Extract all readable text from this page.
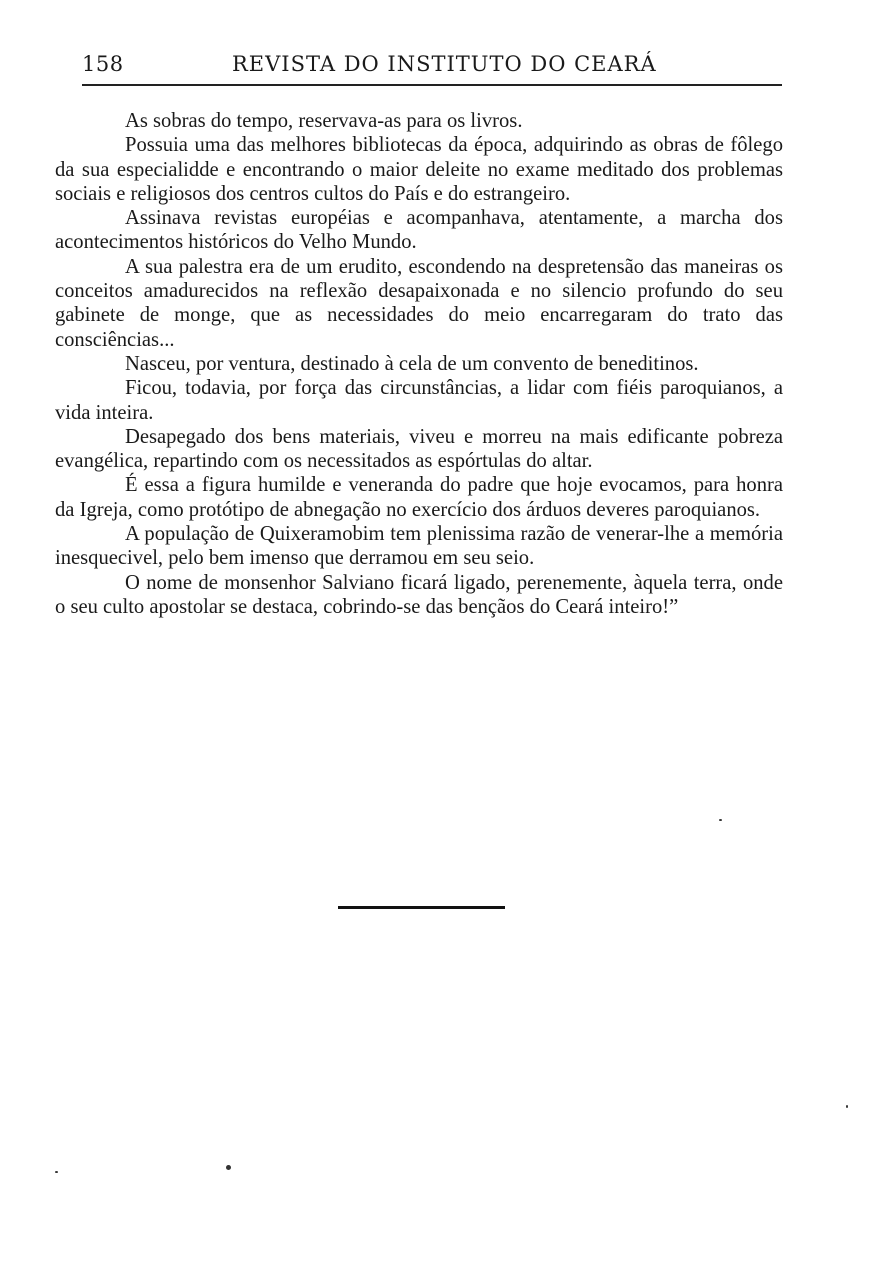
158	REVISTA DO INSTITUTO DO CEARÁ

As sobras do tempo, reservava-as para os livros.

Possuia uma das melhores bibliotecas da época, adquirindo as obras de fôlego da sua especialidde e encontrando o maior deleite no exame meditado dos problemas sociais e religiosos dos centros cultos do País e do estrangeiro.

Assinava revistas européias e acompanhava, atentamente, a marcha dos acontecimentos históricos do Velho Mundo.

A sua palestra era de um erudito, escondendo na despretensão das maneiras os conceitos amadurecidos na reflexão desapaixonada e no silencio profundo do seu gabinete de monge, que as necessidades do meio encarregaram do trato das consciências...

Nasceu, por ventura, destinado à cela de um convento de beneditinos.

Ficou, todavia, por força das circunstâncias, a lidar com fiéis paroquianos, a vida inteira.

Desapegado dos bens materiais, viveu e morreu na mais edificante pobreza evangélica, repartindo com os necessitados as espórtulas do altar.

É essa a figura humilde e veneranda do padre que hoje evocamos, para honra da Igreja, como protótipo de abnegação no exercício dos árduos deveres paroquianos.

A população de Quixeramobim tem plenissima razão de venerar-lhe a memória inesquecivel, pelo bem imenso que derramou em seu seio.

O nome de monsenhor Salviano ficará ligado, perenemente, àquela terra, onde o seu culto apostolar se destaca, cobrindo-se das bençãos do Ceará inteiro!”
